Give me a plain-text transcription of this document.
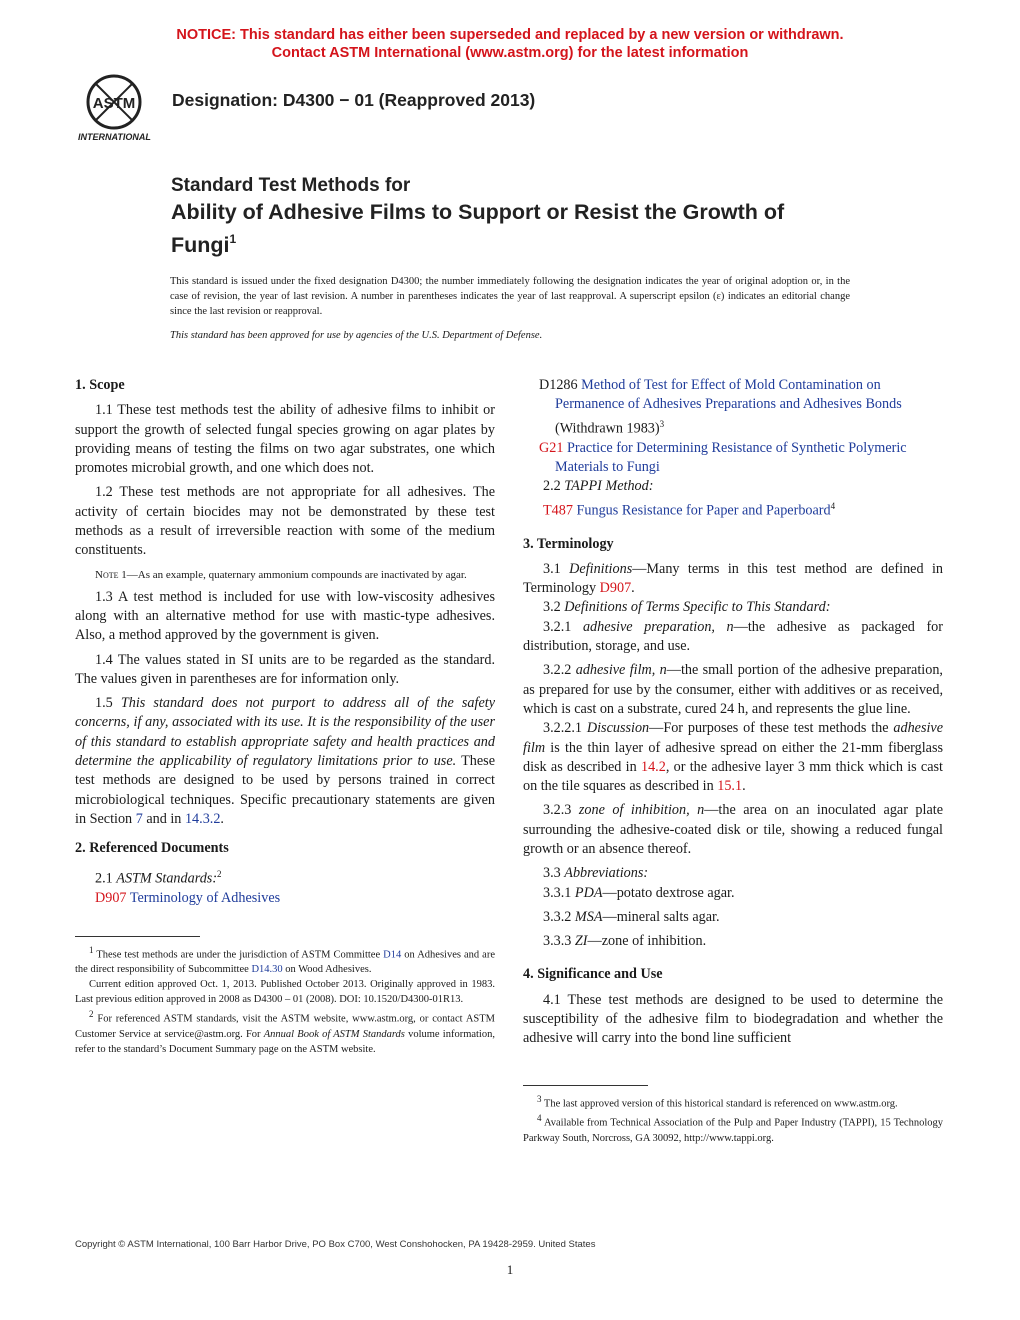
NOTICE: This standard has either been superseded and replaced by a new version or withdrawn.
Contact ASTM International (www.astm.org) for the latest information
ASTM
INTERNATIONAL
Designation: D4300 − 01 (Reapproved 2013)
Standard Test Methods for
Ability of Adhesive Films to Support or Resist the Growth of
Fungi$^1$
This standard is issued under the fixed designation D4300; the number immediately following the designation indicates the year of original adoption or, in the case of revision, the year of last revision. A number in parentheses indicates the year of last reapproval. A superscript epsilon (ε) indicates an editorial change since the last revision or reapproval.
This standard has been approved for use by agencies of the U.S. Department of Defense.

1. Scope

1.1 These test methods test the ability of adhesive films to inhibit or support the growth of selected fungal species growing on agar plates by providing means of testing the films on two agar substrates, one which promotes microbial growth, and one which does not.

1.2 These test methods are not appropriate for all adhesives. The activity of certain biocides may not be demonstrated by these test methods as a result of irreversible reaction with some of the medium constituents.

Note 1—As an example, quaternary ammonium compounds are inactivated by agar.

1.3 A test method is included for use with low-viscosity adhesives along with an alternative method for use with mastic-type adhesives. Also, a method approved by the government is given.

1.4 The values stated in SI units are to be regarded as the standard. The values given in parentheses are for information only.

1.5 This standard does not purport to address all of the safety concerns, if any, associated with its use. It is the responsibility of the user of this standard to establish appropriate safety and health practices and determine the applicability of regulatory limitations prior to use. These test methods are designed to be used by persons trained in correct microbiological techniques. Specific precautionary statements are given in Section 7 and in 14.3.2.

2. Referenced Documents

2.1 ASTM Standards:$^2$

D907 Terminology of Adhesives

$^1$ These test methods are under the jurisdiction of ASTM Committee D14 on Adhesives and are the direct responsibility of Subcommittee D14.30 on Wood Adhesives.

Current edition approved Oct. 1, 2013. Published October 2013. Originally approved in 1983. Last previous edition approved in 2008 as D4300 – 01 (2008). DOI: 10.1520/D4300-01R13.

$^2$ For referenced ASTM standards, visit the ASTM website, www.astm.org, or contact ASTM Customer Service at service@astm.org. For Annual Book of ASTM Standards volume information, refer to the standard’s Document Summary page on the ASTM website.

D1286 Method of Test for Effect of Mold Contamination on Permanence of Adhesives Preparations and Adhesives Bonds (Withdrawn 1983)$^3$

G21 Practice for Determining Resistance of Synthetic Polymeric Materials to Fungi

2.2 TAPPI Method:

T487 Fungus Resistance for Paper and Paperboard$^4$

3. Terminology

3.1 Definitions—Many terms in this test method are defined in Terminology D907.

3.2 Definitions of Terms Specific to This Standard:

3.2.1 adhesive preparation, n—the adhesive as packaged for distribution, storage, and use.

3.2.2 adhesive film, n—the small portion of the adhesive preparation, as prepared for use by the consumer, either with additives or as received, which is cast on a substrate, cured 24 h, and represents the glue line.

3.2.2.1 Discussion—For purposes of these test methods the adhesive film is the thin layer of adhesive spread on either the 21-mm fiberglass disk as described in 14.2, or the adhesive layer 3 mm thick which is cast on the tile squares as described in 15.1.

3.2.3 zone of inhibition, n—the area on an inoculated agar plate surrounding the adhesive-coated disk or tile, showing a reduced fungal growth or an absence thereof.

3.3 Abbreviations:

3.3.1 PDA—potato dextrose agar.

3.3.2 MSA—mineral salts agar.

3.3.3 ZI—zone of inhibition.

4. Significance and Use

4.1 These test methods are designed to be used to determine the susceptibility of the adhesive film to biodegradation and whether the adhesive will carry into the bond line sufficient

$^3$ The last approved version of this historical standard is referenced on www.astm.org.

$^4$ Available from Technical Association of the Pulp and Paper Industry (TAPPI), 15 Technology Parkway South, Norcross, GA 30092, http://www.tappi.org.

Copyright © ASTM International, 100 Barr Harbor Drive, PO Box C700, West Conshohocken, PA 19428-2959. United States
1
